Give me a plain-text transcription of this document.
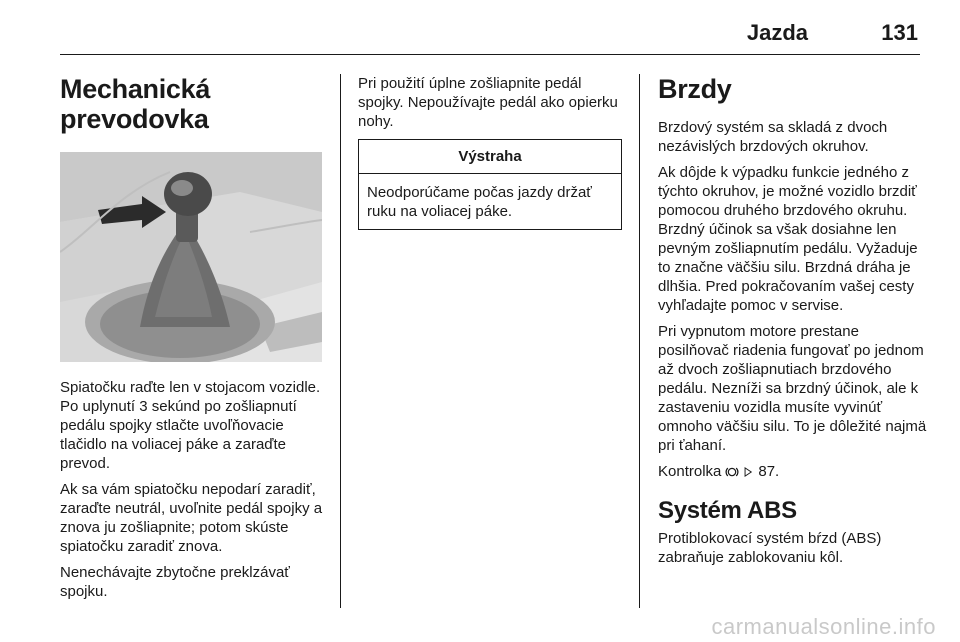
Jazda	131
Mechanická
prevodovka

Spiatočku raďte len v stojacom vozidle. Po uplynutí 3 sekúnd po zošliapnutí pedálu spojky stlačte uvoľňovacie tlačidlo na voliacej páke a zaraďte prevod.

Ak sa vám spiatočku nepodarí zaradiť, zaraďte neutrál, uvoľnite pedál spojky a znova ju zošliapnite; potom skúste spiatočku zaradiť znova.

Nenechávajte zbytočne preklzávať spojku.

Pri použití úplne zošliapnite pedál spojky. Nepoužívajte pedál ako opierku nohy.

Výstraha
Neodporúčame počas jazdy držať ruku na voliacej páke.
Brzdy

Brzdový systém sa skladá z dvoch nezávislých brzdových okruhov.

Ak dôjde k výpadku funkcie jedného z týchto okruhov, je možné vozidlo brzdiť pomocou druhého brzdového okruhu. Brzdný účinok sa však dosiahne len pevným zošliapnutím pedálu. Vyžaduje to značne väčšiu silu. Brzdná dráha je dlhšia. Pred pokračovaním vašej cesty vyhľadajte pomoc v servise.

Pri vypnutom motore prestane posilňovač riadenia fungovať po jednom až dvoch zošliapnutiach brzdového pedálu. Nezníži sa brzdný účinok, ale k zastaveniu vozidla musíte vyvinúť omnoho väčšiu silu. To je dôležité najmä pri ťahaní.

Kontrolka 87.
Systém ABS

Protiblokovací systém bŕzd (ABS) zabraňuje zablokovaniu kôl.

carmanualsonline.info
